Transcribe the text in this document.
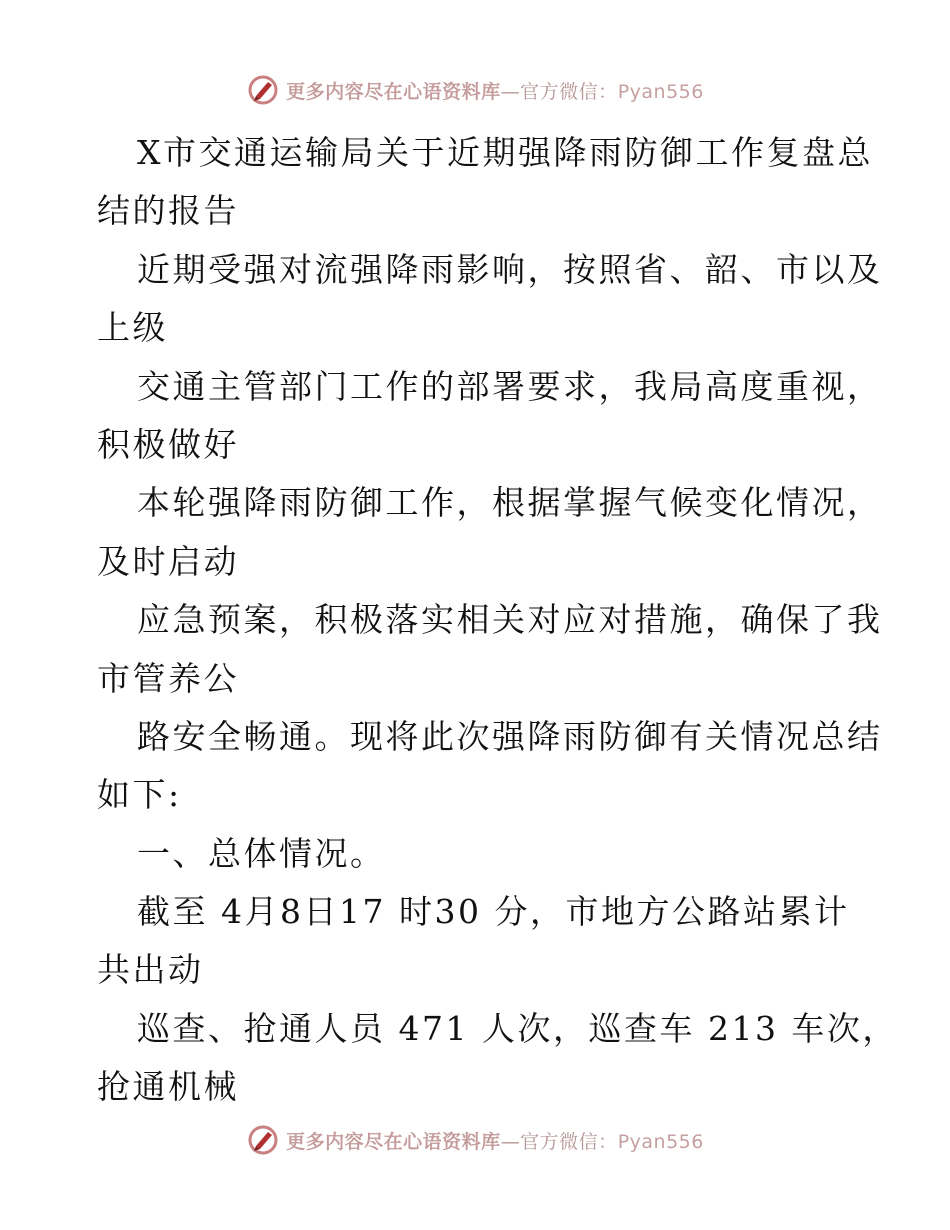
更多内容尽在心语资料库—官方微信：Pyan556
X市交通运输局关于近期强降雨防御工作复盘总
结的报告
近期受强对流强降雨影响，按照省、韶、市以及
上级
交通主管部门工作的部署要求，我局高度重视，
积极做好
本轮强降雨防御工作，根据掌握气候变化情况，
及时启动
应急预案，积极落实相关对应对措施，确保了我
市管养公
路安全畅通。现将此次强降雨防御有关情况总结
如下:
一、总体情况。
截至 4月8日17 时30 分，市地方公路站累计
共出动
巡查、抢通人员 471 人次，巡查车 213 车次，
抢通机械
更多内容尽在心语资料库—官方微信：Pyan556
